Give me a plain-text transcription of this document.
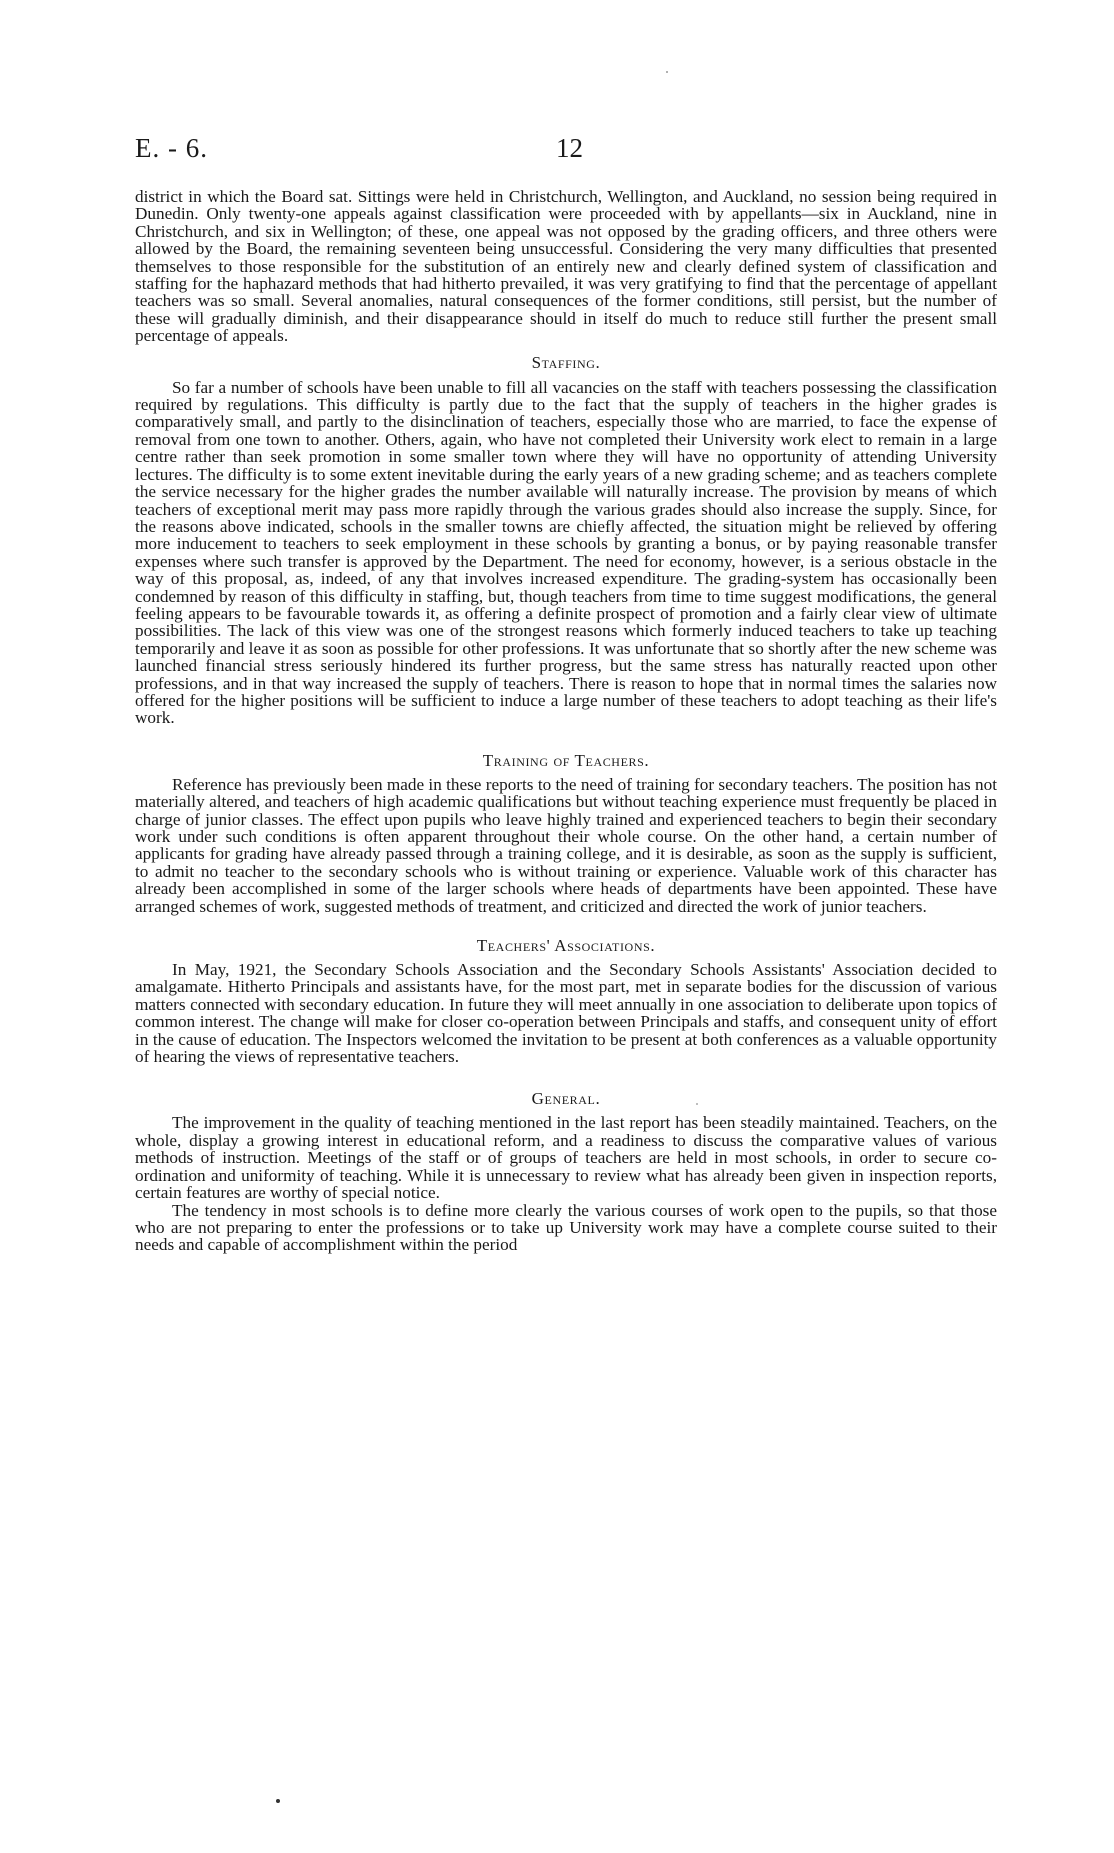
E. - 6.	12

district in which the Board sat. Sittings were held in Christchurch, Wellington, and Auckland, no session being required in Dunedin. Only twenty-one appeals against classification were proceeded with by appellants—six in Auckland, nine in Christchurch, and six in Wellington; of these, one appeal was not opposed by the grading officers, and three others were allowed by the Board, the remaining seventeen being unsuccessful. Considering the very many difficulties that presented themselves to those responsible for the substitution of an entirely new and clearly defined system of classification and staffing for the haphazard methods that had hitherto prevailed, it was very gratifying to find that the percentage of appellant teachers was so small. Several anomalies, natural consequences of the former conditions, still persist, but the number of these will gradually diminish, and their disappearance should in itself do much to reduce still further the present small percentage of appeals.

Staffing.

So far a number of schools have been unable to fill all vacancies on the staff with teachers possessing the classification required by regulations. This difficulty is partly due to the fact that the supply of teachers in the higher grades is comparatively small, and partly to the disinclination of teachers, especially those who are married, to face the expense of removal from one town to another. Others, again, who have not completed their University work elect to remain in a large centre rather than seek promotion in some smaller town where they will have no opportunity of attending University lectures. The difficulty is to some extent inevitable during the early years of a new grading scheme; and as teachers complete the service necessary for the higher grades the number available will naturally increase. The provision by means of which teachers of exceptional merit may pass more rapidly through the various grades should also increase the supply. Since, for the reasons above indicated, schools in the smaller towns are chiefly affected, the situation might be relieved by offering more inducement to teachers to seek employment in these schools by granting a bonus, or by paying reasonable transfer expenses where such transfer is approved by the Department. The need for economy, however, is a serious obstacle in the way of this proposal, as, indeed, of any that involves increased expenditure. The grading-system has occasionally been condemned by reason of this difficulty in staffing, but, though teachers from time to time suggest modifications, the general feeling appears to be favourable towards it, as offering a definite prospect of promotion and a fairly clear view of ultimate possibilities. The lack of this view was one of the strongest reasons which formerly induced teachers to take up teaching temporarily and leave it as soon as possible for other professions. It was unfortunate that so shortly after the new scheme was launched financial stress seriously hindered its further progress, but the same stress has naturally reacted upon other professions, and in that way increased the supply of teachers. There is reason to hope that in normal times the salaries now offered for the higher positions will be sufficient to induce a large number of these teachers to adopt teaching as their life's work.

Training of Teachers.

Reference has previously been made in these reports to the need of training for secondary teachers. The position has not materially altered, and teachers of high academic qualifications but without teaching experience must frequently be placed in charge of junior classes. The effect upon pupils who leave highly trained and experienced teachers to begin their secondary work under such conditions is often apparent throughout their whole course. On the other hand, a certain number of applicants for grading have already passed through a training college, and it is desirable, as soon as the supply is sufficient, to admit no teacher to the secondary schools who is without training or experience. Valuable work of this character has already been accomplished in some of the larger schools where heads of departments have been appointed. These have arranged schemes of work, suggested methods of treatment, and criticized and directed the work of junior teachers.

Teachers' Associations.

In May, 1921, the Secondary Schools Association and the Secondary Schools Assistants' Association decided to amalgamate. Hitherto Principals and assistants have, for the most part, met in separate bodies for the discussion of various matters connected with secondary education. In future they will meet annually in one association to deliberate upon topics of common interest. The change will make for closer co-operation between Principals and staffs, and consequent unity of effort in the cause of education. The Inspectors welcomed the invitation to be present at both conferences as a valuable opportunity of hearing the views of representative teachers.

General.

The improvement in the quality of teaching mentioned in the last report has been steadily maintained. Teachers, on the whole, display a growing interest in educational reform, and a readiness to discuss the comparative values of various methods of instruction. Meetings of the staff or of groups of teachers are held in most schools, in order to secure co-ordination and uniformity of teaching. While it is unnecessary to review what has already been given in inspection reports, certain features are worthy of special notice.

The tendency in most schools is to define more clearly the various courses of work open to the pupils, so that those who are not preparing to enter the professions or to take up University work may have a complete course suited to their needs and capable of accomplishment within the period
